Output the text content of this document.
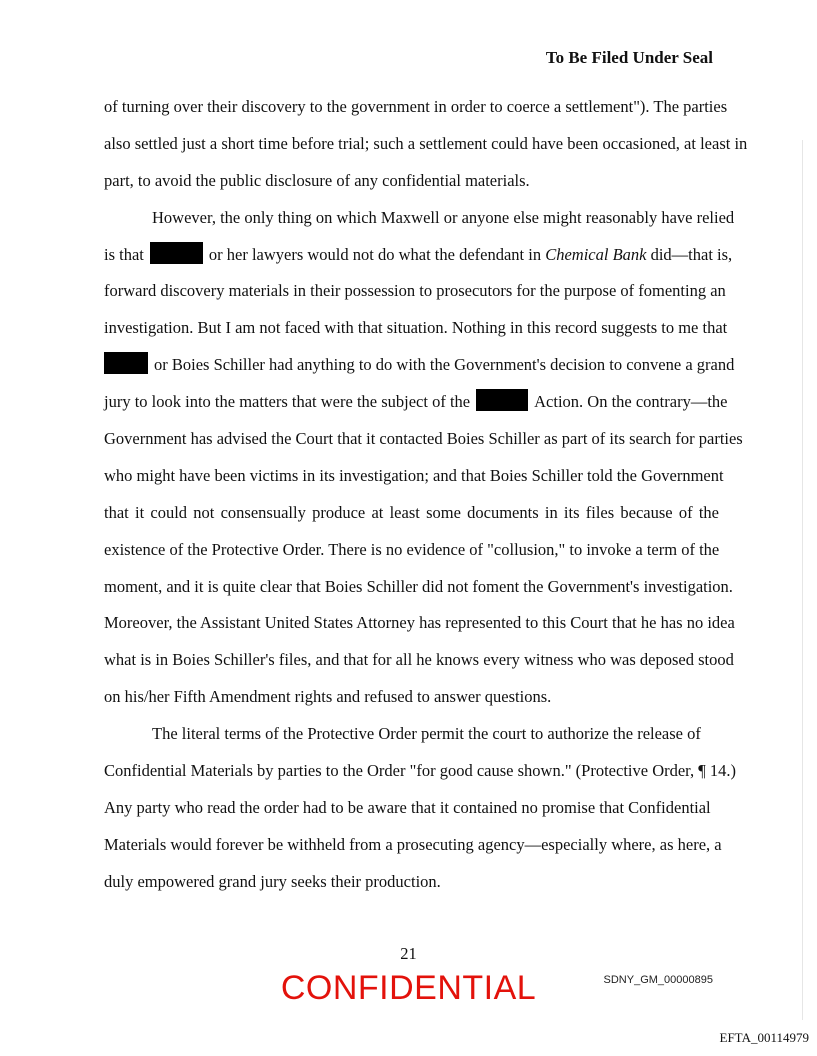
To Be Filed Under Seal
of turning over their discovery to the government in order to coerce a settlement"). The parties
also settled just a short time before trial; such a settlement could have been occasioned, at least in
part, to avoid the public disclosure of any confidential materials.
However, the only thing on which Maxwell or anyone else might reasonably have relied
is that	or her lawyers would not do what the defendant in Chemical Bank did—that is,
forward discovery materials in their possession to prosecutors for the purpose of fomenting an
investigation. But I am not faced with that situation. Nothing in this record suggests to me that
or Boies Schiller had anything to do with the Government's decision to convene a grand
jury to look into the matters that were the subject of the	Action. On the contrary—the
Government has advised the Court that it contacted Boies Schiller as part of its search for parties
who might have been victims in its investigation; and that Boies Schiller told the Government
that it could not consensually produce at least some documents in its files because of the
existence of the Protective Order. There is no evidence of "collusion," to invoke a term of the
moment, and it is quite clear that Boies Schiller did not foment the Government's investigation.
Moreover, the Assistant United States Attorney has represented to this Court that he has no idea
what is in Boies Schiller's files, and that for all he knows every witness who was deposed stood
on his/her Fifth Amendment rights and refused to answer questions.
The literal terms of the Protective Order permit the court to authorize the release of
Confidential Materials by parties to the Order "for good cause shown." (Protective Order, ¶ 14.)
Any party who read the order had to be aware that it contained no promise that Confidential
Materials would forever be withheld from a prosecuting agency—especially where, as here, a
duly empowered grand jury seeks their production.
21
CONFIDENTIAL	SDNY_GM_00000895
EFTA_00114979
